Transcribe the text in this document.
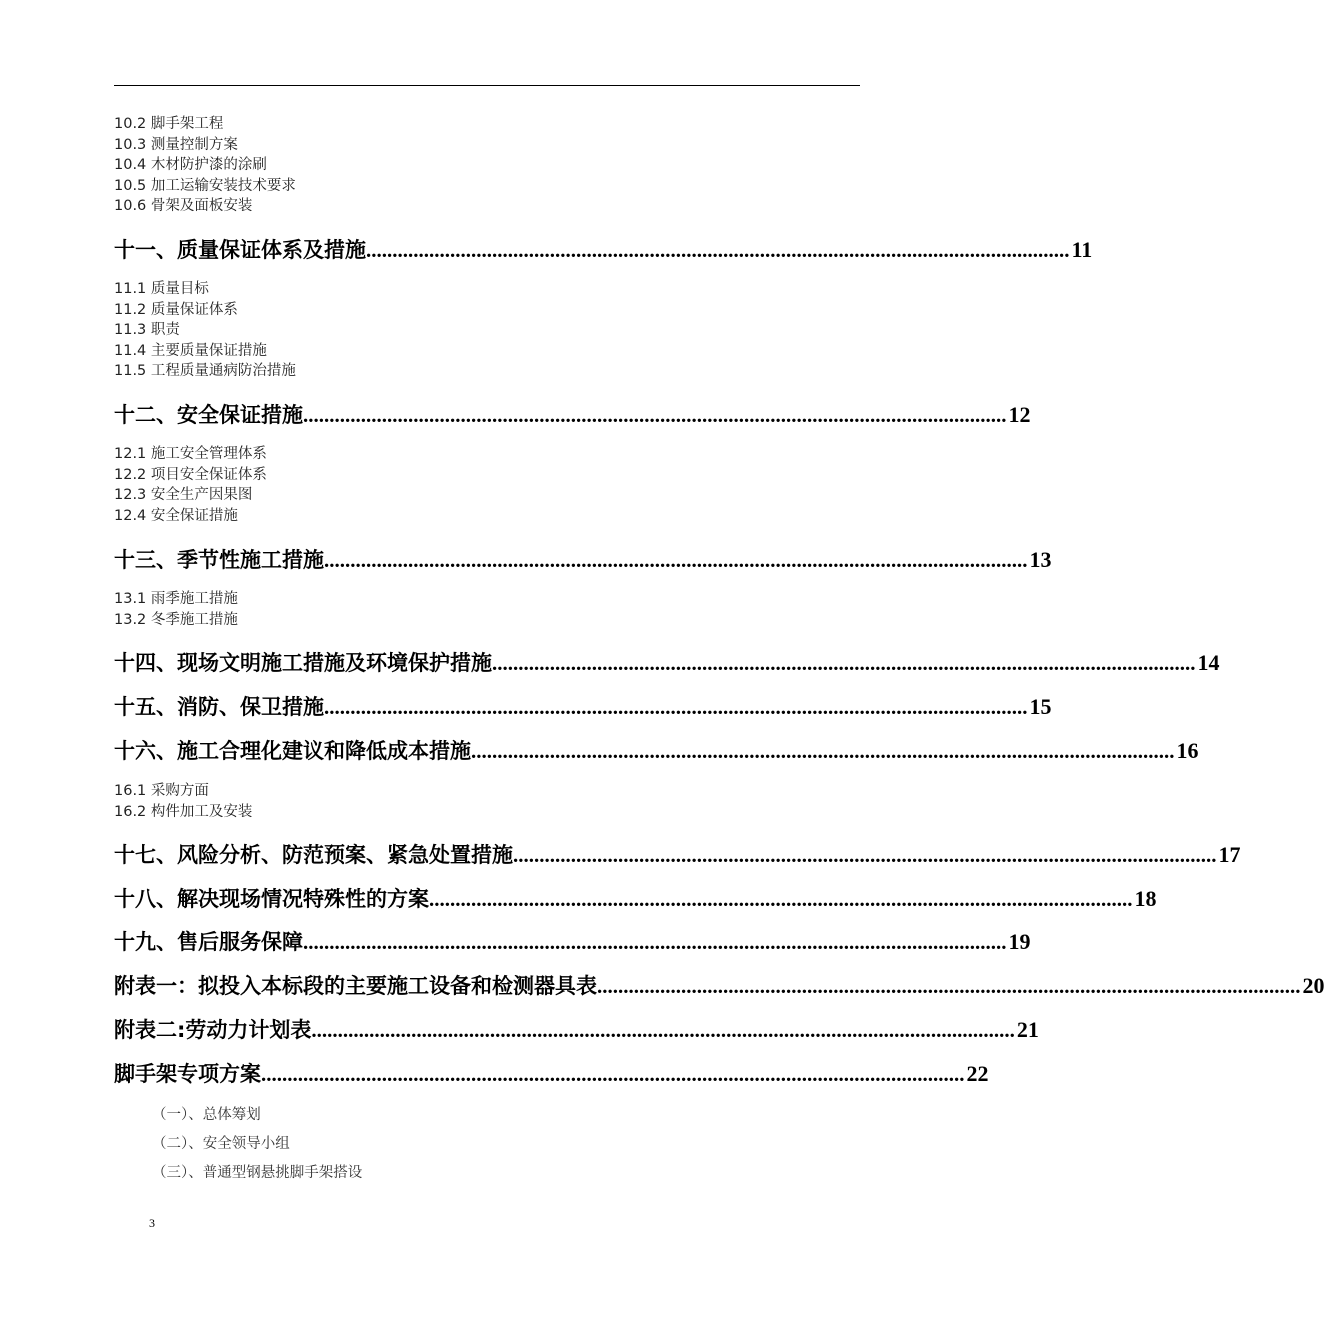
10.2 脚手架工程
10.3 测量控制方案
10.4 木材防护漆的涂刷
10.5 加工运输安装技术要求
10.6 骨架及面板安装
十一、质量保证体系及措施 ...................................................................................................................................... 11
11.1 质量目标
11.2 质量保证体系
11.3 职责
11.4 主要质量保证措施
11.5 工程质量通病防治措施
十二、安全保证措施 ...................................................................................................................................... 12
12.1 施工安全管理体系
12.2 项目安全保证体系
12.3 安全生产因果图
12.4 安全保证措施
十三、季节性施工措施 ...................................................................................................................................... 13
13.1 雨季施工措施
13.2 冬季施工措施
十四、现场文明施工措施及环境保护措施 ...................................................................................................................................... 14
十五、消防、保卫措施 ...................................................................................................................................... 15
十六、施工合理化建议和降低成本措施 ...................................................................................................................................... 16
16.1 采购方面
16.2 构件加工及安装
十七、风险分析、防范预案、紧急处置措施 ...................................................................................................................................... 17
十八、解决现场情况特殊性的方案 ...................................................................................................................................... 18
十九、售后服务保障 ...................................................................................................................................... 19
附表一：拟投入本标段的主要施工设备和检测器具表 ...................................................................................................................................... 20
附表二:劳动力计划表 ...................................................................................................................................... 21
脚手架专项方案 ...................................................................................................................................... 22
（一）、总体筹划
（二）、安全领导小组
（三）、普通型钢悬挑脚手架搭设
3
